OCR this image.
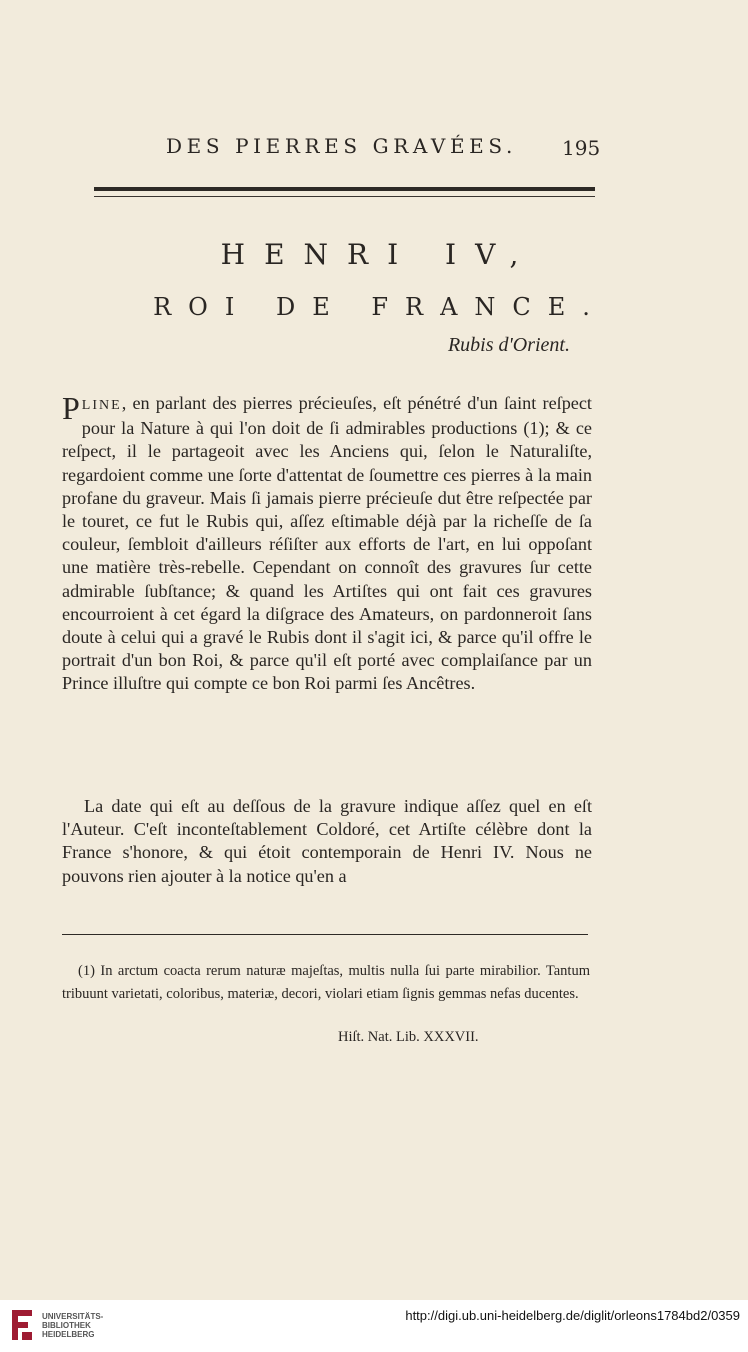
DES PIERRES GRAVÉES. 195
HENRI IV,
ROI DE FRANCE.
Rubis d'Orient.
PLINE, en parlant des pierres précieuſes, eſt pénétré d'un ſaint reſpect pour la Nature à qui l'on doit de ſi admirables productions (1); & ce reſpect, il le partageoit avec les Anciens qui, ſelon le Naturaliſte, regardoient comme une ſorte d'attentat de ſoumettre ces pierres à la main profane du graveur. Mais ſi jamais pierre précieuſe dut être reſpectée par le touret, ce fut le Rubis qui, aſſez eſtimable déjà par la richeſſe de ſa couleur, ſembloit d'ailleurs réſiſter aux efforts de l'art, en lui oppoſant une matière très-rebelle. Cependant on connoît des gravures ſur cette admirable ſubſtance; & quand les Artiſtes qui ont fait ces gravures encourroient à cet égard la diſgrace des Amateurs, on pardonneroit ſans doute à celui qui a gravé le Rubis dont il s'agit ici, & parce qu'il offre le portrait d'un bon Roi, & parce qu'il eſt porté avec complaiſance par un Prince illuſtre qui compte ce bon Roi parmi ſes Ancêtres.
La date qui eſt au deſſous de la gravure indique aſſez quel en eſt l'Auteur. C'eſt inconteſtablement Coldoré, cet Artiſte célèbre dont la France s'honore, & qui étoit contemporain de Henri IV. Nous ne pouvons rien ajouter à la notice qu'en a
(1) In arctum coacta rerum naturæ majeſtas, multis nulla ſui parte mirabilior. Tantum tribuunt varietati, coloribus, materiæ, decori, violari etiam ſignis gemmas nefas ducentes.
Hiſt. Nat. Lib. XXXVII.
UNIVERSITÄTS-
BIBLIOTHEK
HEIDELBERG
http://digi.ub.uni-heidelberg.de/diglit/orleons1784bd2/0359
